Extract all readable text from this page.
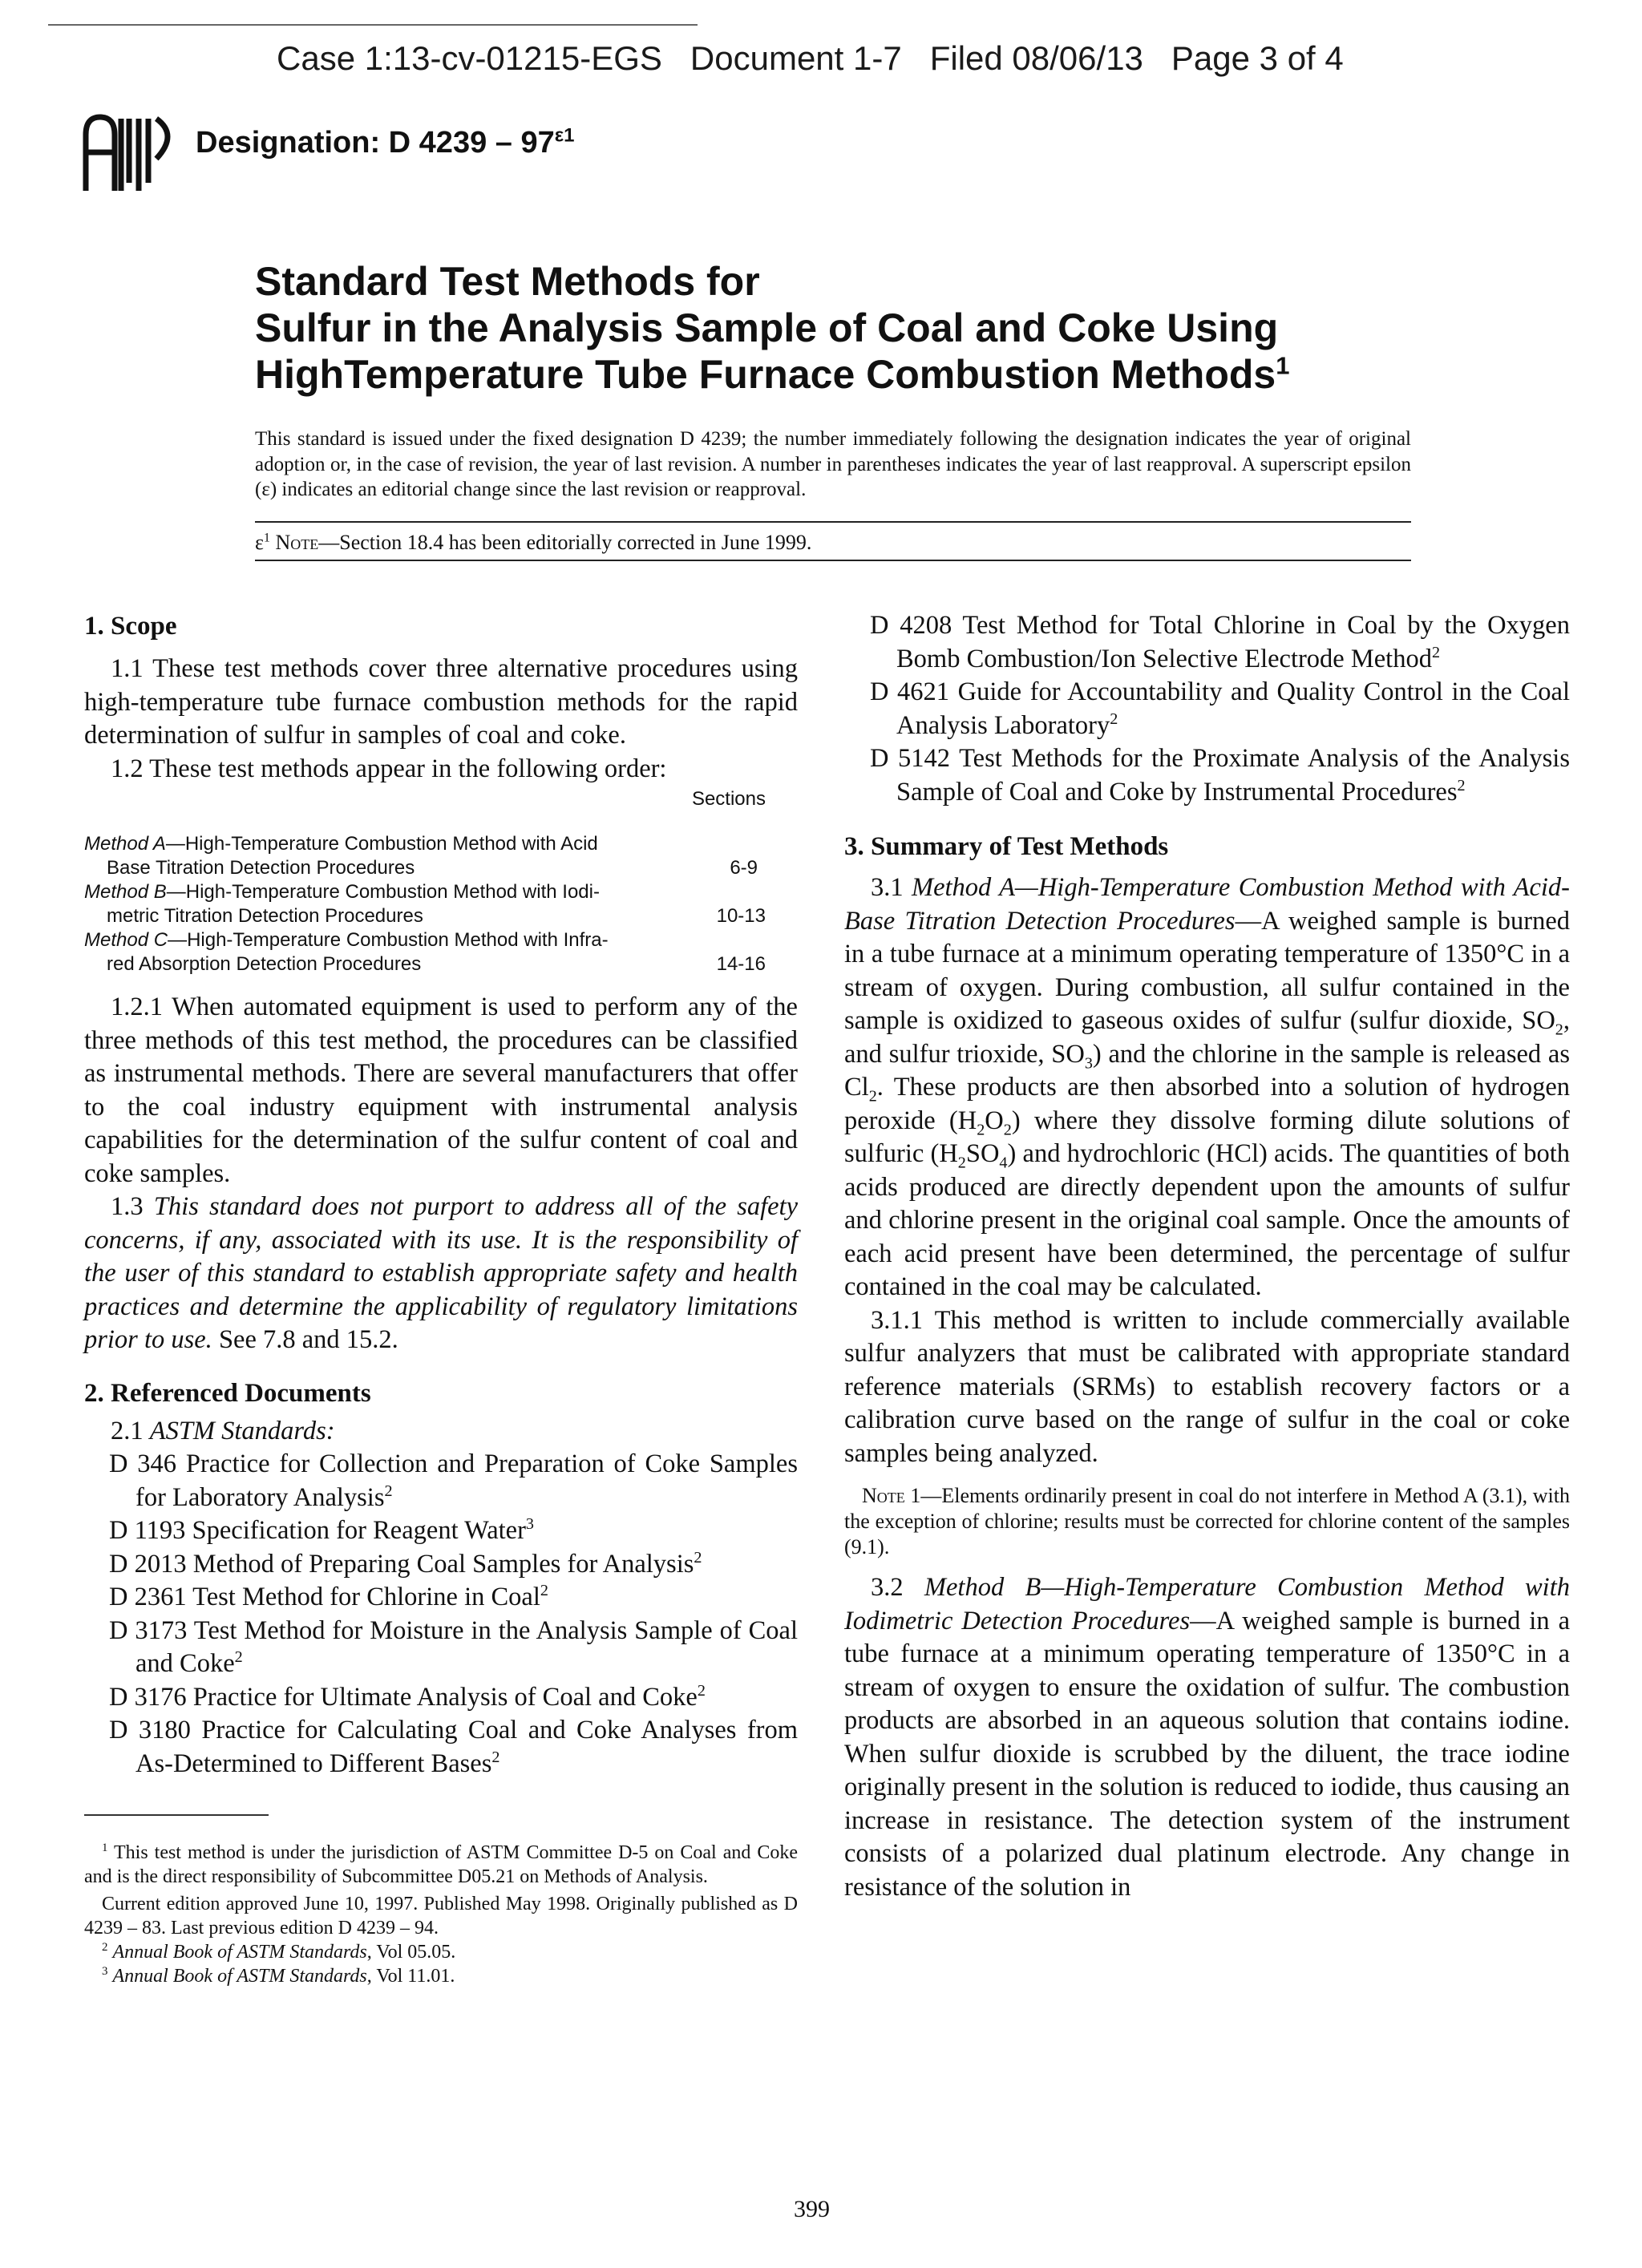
Case 1:13-cv-01215-EGS   Document 1-7   Filed 08/06/13   Page 3 of 4
Designation: D $4239 - 97^{\varepsilon 1}$
Standard Test Methods for
Sulfur in the Analysis Sample of Coal and Coke Using
HighTemperature Tube Furnace Combustion Methods$^1$
This standard is issued under the fixed designation D 4239; the number immediately following the designation indicates the year of original adoption or, in the case of revision, the year of last revision. A number in parentheses indicates the year of last reapproval. A superscript epsilon (ε) indicates an editorial change since the last revision or reapproval.
$\varepsilon^1$ Note—Section 18.4 has been editorially corrected in June 1999.

1. Scope

1.1 These test methods cover three alternative procedures using high-temperature tube furnace combustion methods for the rapid determination of sulfur in samples of coal and coke.

1.2 These test methods appear in the following order:

Sections
Method A—High-Temperature Combustion Method with Acid
Base Titration Detection Procedures	6-9
Method B—High-Temperature Combustion Method with Iodi-
metric Titration Detection Procedures	10-13
Method C—High-Temperature Combustion Method with Infra-
red Absorption Detection Procedures	14-16

1.2.1 When automated equipment is used to perform any of the three methods of this test method, the procedures can be classified as instrumental methods. There are several manufacturers that offer to the coal industry equipment with instrumental analysis capabilities for the determination of the sulfur content of coal and coke samples.

1.3 This standard does not purport to address all of the safety concerns, if any, associated with its use. It is the responsibility of the user of this standard to establish appropriate safety and health practices and determine the applicability of regulatory limitations prior to use. See 7.8 and 15.2.

2. Referenced Documents

2.1 ASTM Standards:

D 346 Practice for Collection and Preparation of Coke Samples for Laboratory Analysis$^2$

D 1193 Specification for Reagent Water$^3$

D 2013 Method of Preparing Coal Samples for Analysis$^2$

D 2361 Test Method for Chlorine in Coal$^2$

D 3173 Test Method for Moisture in the Analysis Sample of Coal and Coke$^2$

D 3176 Practice for Ultimate Analysis of Coal and Coke$^2$

D 3180 Practice for Calculating Coal and Coke Analyses from As-Determined to Different Bases$^2$

$^1$ This test method is under the jurisdiction of ASTM Committee D-5 on Coal and Coke and is the direct responsibility of Subcommittee D05.21 on Methods of Analysis.

Current edition approved June 10, 1997. Published May 1998. Originally published as D 4239 – 83. Last previous edition D 4239 – 94.

$^2$ Annual Book of ASTM Standards, Vol 05.05.

$^3$ Annual Book of ASTM Standards, Vol 11.01.

D 4208 Test Method for Total Chlorine in Coal by the Oxygen Bomb Combustion/Ion Selective Electrode Method$^2$

D 4621 Guide for Accountability and Quality Control in the Coal Analysis Laboratory$^2$

D 5142 Test Methods for the Proximate Analysis of the Analysis Sample of Coal and Coke by Instrumental Procedures$^2$

3. Summary of Test Methods

3.1 Method A—High-Temperature Combustion Method with Acid-Base Titration Detection Procedures—A weighed sample is burned in a tube furnace at a minimum operating temperature of 1350°C in a stream of oxygen. During combustion, all sulfur contained in the sample is oxidized to gaseous oxides of sulfur (sulfur dioxide, $SO_2$, and sulfur trioxide, $SO_3$) and the chlorine in the sample is released as $Cl_2$. These products are then absorbed into a solution of hydrogen peroxide $(H_2O_2)$ where they dissolve forming dilute solutions of sulfuric $(H_2SO_4)$ and hydrochloric (HCl) acids. The quantities of both acids produced are directly dependent upon the amounts of sulfur and chlorine present in the original coal sample. Once the amounts of each acid present have been determined, the percentage of sulfur contained in the coal may be calculated.

3.1.1 This method is written to include commercially available sulfur analyzers that must be calibrated with appropriate standard reference materials (SRMs) to establish recovery factors or a calibration curve based on the range of sulfur in the coal or coke samples being analyzed.

Note 1—Elements ordinarily present in coal do not interfere in Method A (3.1), with the exception of chlorine; results must be corrected for chlorine content of the samples (9.1).

3.2 Method B—High-Temperature Combustion Method with Iodimetric Detection Procedures—A weighed sample is burned in a tube furnace at a minimum operating temperature of 1350°C in a stream of oxygen to ensure the oxidation of sulfur. The combustion products are absorbed in an aqueous solution that contains iodine. When sulfur dioxide is scrubbed by the diluent, the trace iodine originally present in the solution is reduced to iodide, thus causing an increase in resistance. The detection system of the instrument consists of a polarized dual platinum electrode. Any change in resistance of the solution in

399
